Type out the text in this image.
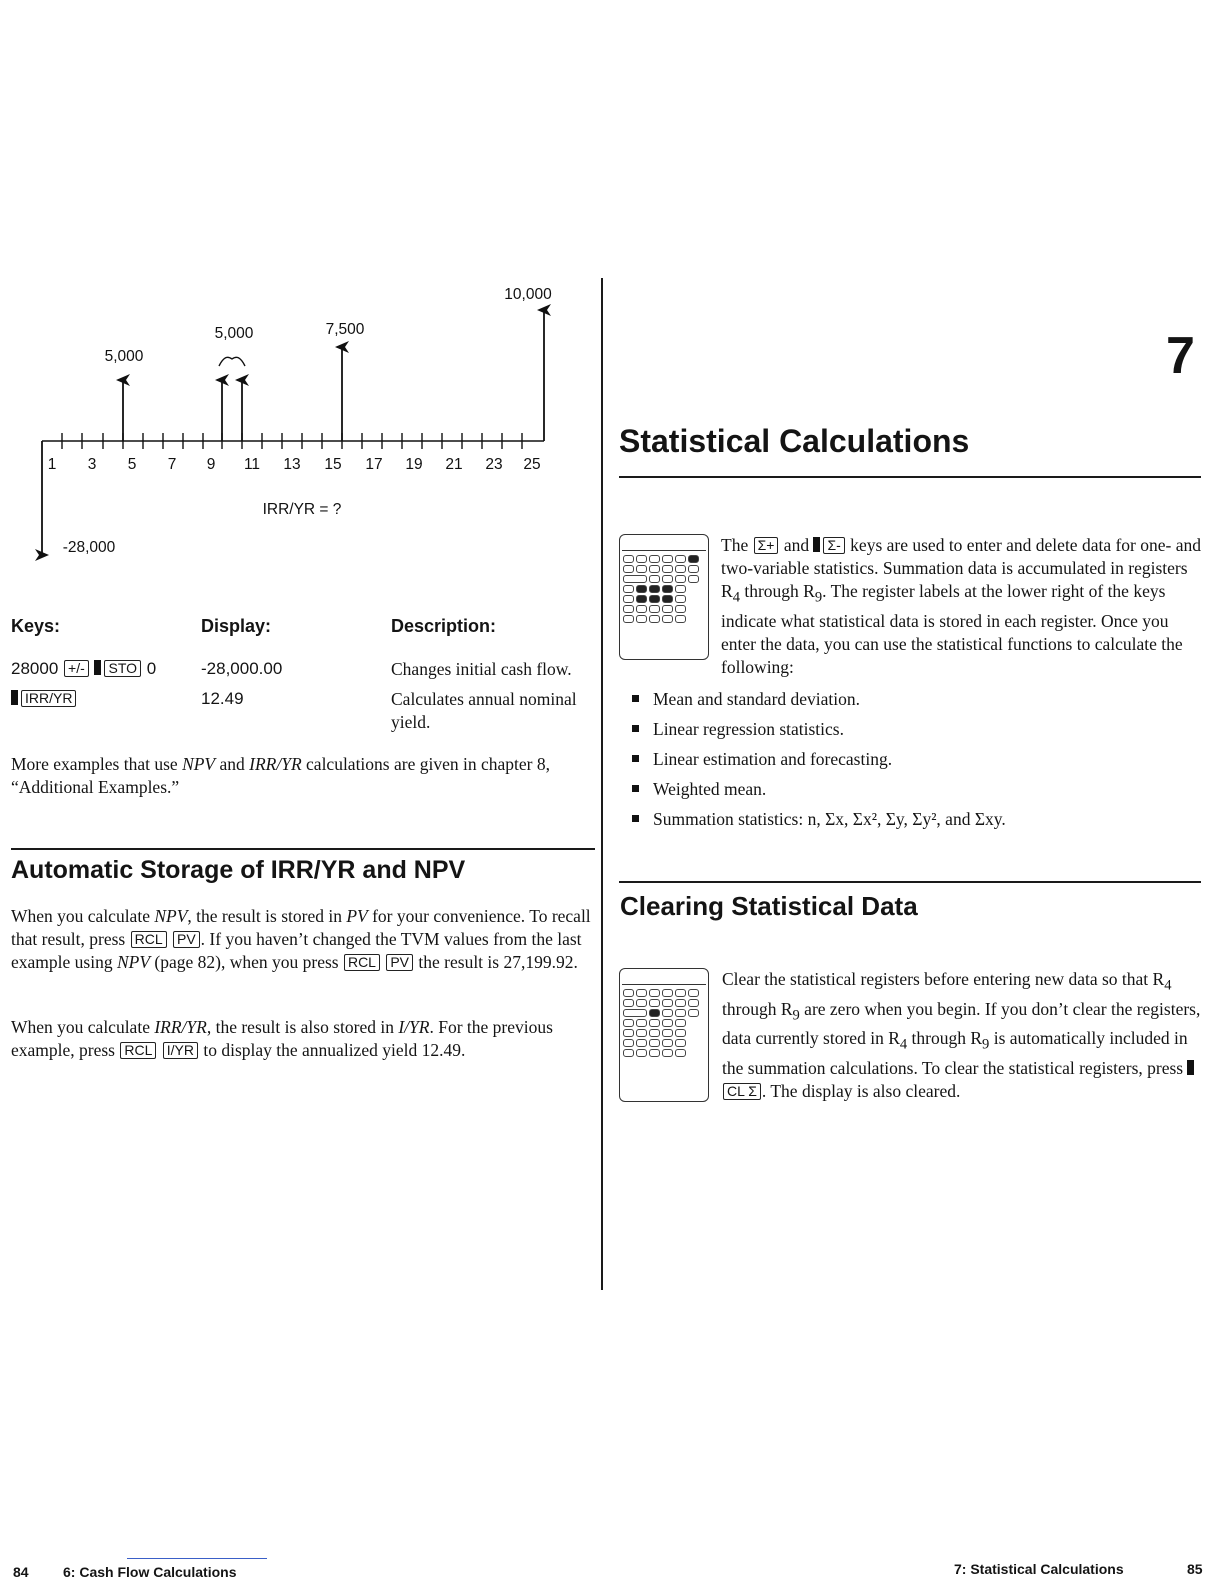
10,000
5,000
5,000	7,500
-28,000
1 3 5 7 9 11 13 15 17 19 21 23 25
IRR/YR = ?
Keys:	Display:	Description:
28000 +/- STO 0	-28,000.00	Changes initial cash flow.
IRR/YR	12.49	Calculates annual nominal yield.
More examples that use NPV and IRR/YR calculations are given in chapter 8, “Additional Examples.”
Automatic Storage of IRR/YR and NPV
When you calculate NPV, the result is stored in PV for your convenience. To recall that result, press RCL PV . If you haven’t changed the TVM values from the last example using NPV (page 82), when you press RCL PV the result is 27,199.92.
When you calculate IRR/YR, the result is also stored in I/YR. For the previous example, press RCL I/YR to display the annualized yield 12.49.
84 6: Cash Flow Calculations
7
Statistical Calculations
The Σ+ and Σ- keys are used to enter and delete data for one- and two-variable statistics. Summation data is accumulated in registers $R_4$ through $R_9$. The register labels at the lower right of the keys indicate what statistical data is stored in each register. Once you enter the data, you can use the statistical functions to calculate the following:
Mean and standard deviation.
Linear regression statistics.
Linear estimation and forecasting.
Weighted mean.
Summation statistics: n, Σx, Σx², Σy, Σy², and Σxy.
Clearing Statistical Data
Clear the statistical registers before entering new data so that $R_4$ through $R_9$ are zero when you begin. If you don’t clear the registers, data currently stored in $R_4$ through $R_9$ is automatically included in the summation calculations. To clear the statistical registers, press CL Σ . The display is also cleared.
7: Statistical Calculations	85
